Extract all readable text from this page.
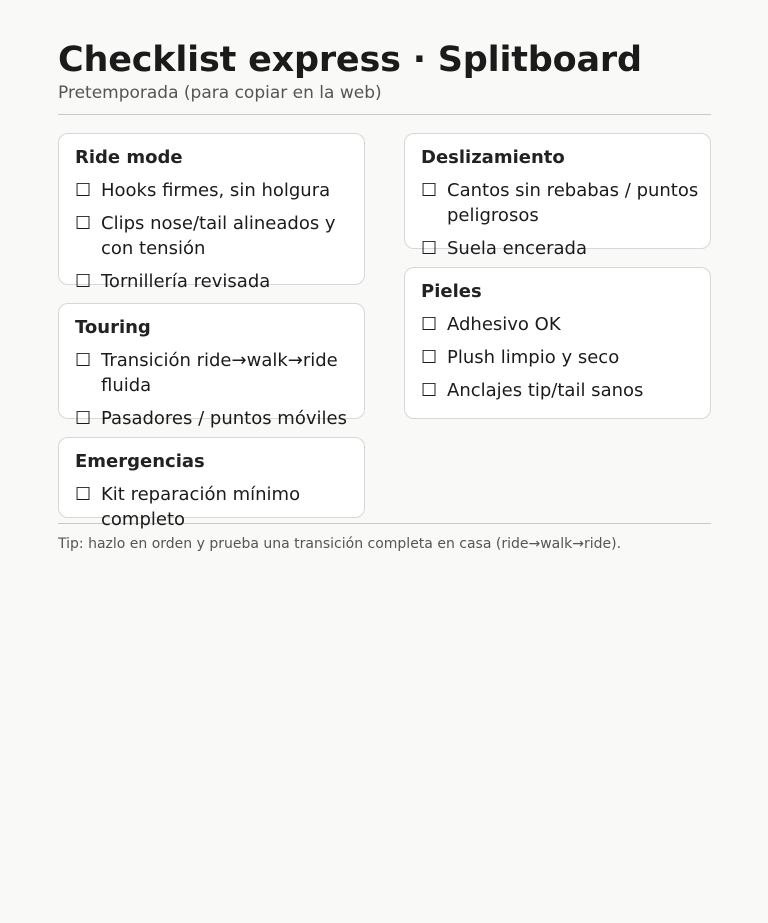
Checklist express · Splitboard
Pretemporada (para copiar en la web)
Ride mode
☐ Hooks firmes, sin holgura
☐ Clips nose/tail alineados y
con tensión
☐ Tornillería revisada
Touring
☐ Transición ride→walk→ride
fluida
☐ Pasadores / puntos móviles
Emergencias
☐ Kit reparación mínimo
completo
Deslizamiento
☐ Cantos sin rebabas / puntos
peligrosos
☐ Suela encerada
Pieles
☐ Adhesivo OK
☐ Plush limpio y seco
☐ Anclajes tip/tail sanos
Tip: hazlo en orden y prueba una transición completa en casa (ride→walk→ride).
